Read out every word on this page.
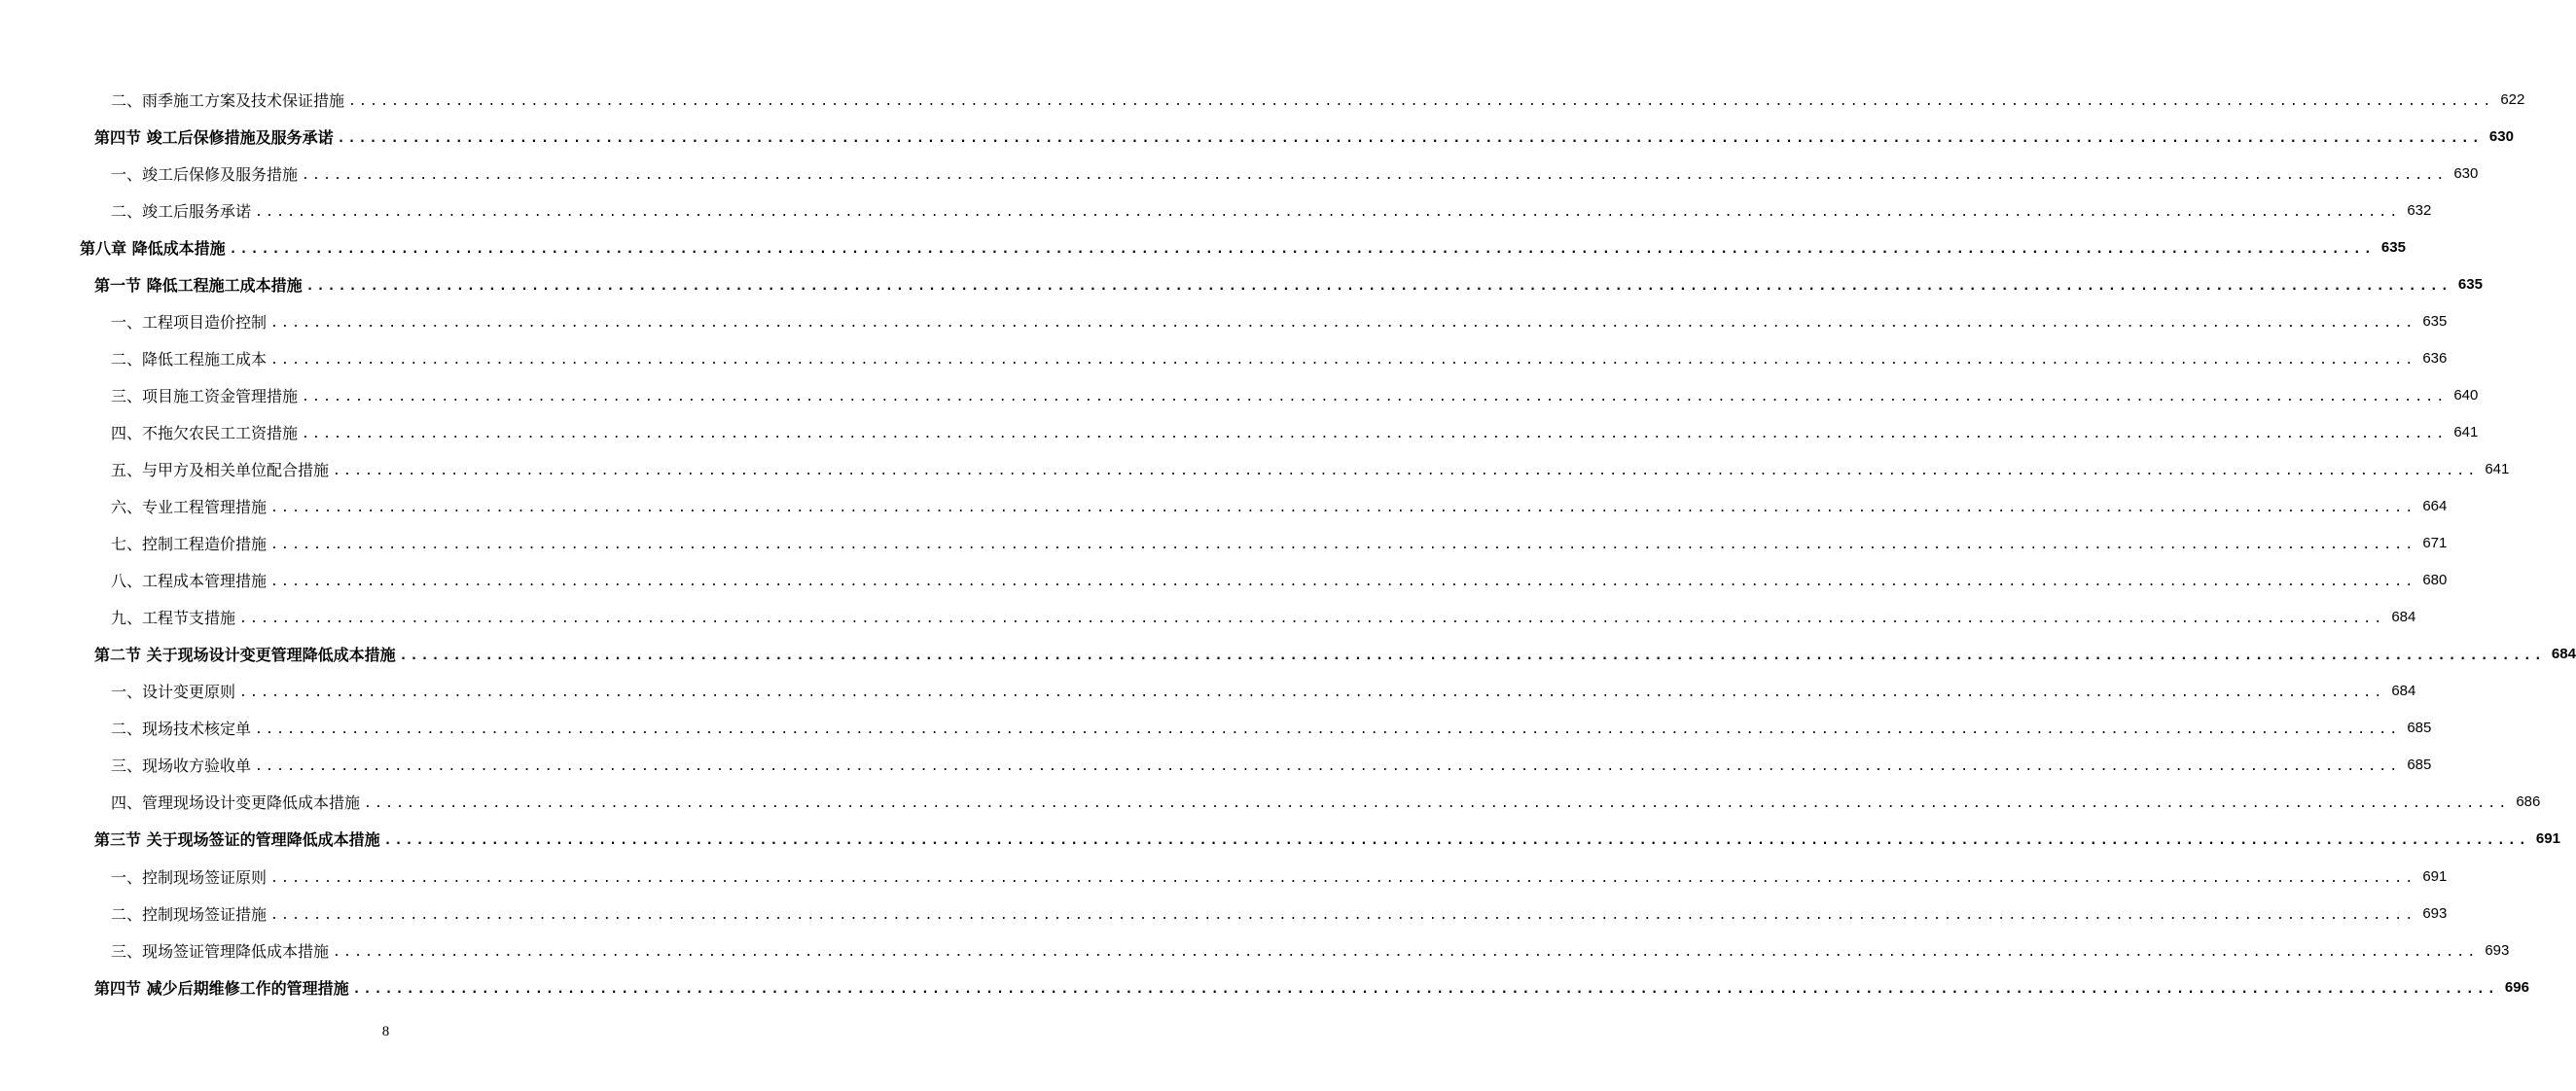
二、雨季施工方案及技术保证措施 ........................................................................................................................................................................................................ 622
第四节 竣工后保修措施及服务承诺 ........................................................................................................................................................................................................ 630
一、竣工后保修及服务措施 ........................................................................................................................................................................................................ 630
二、竣工后服务承诺 ........................................................................................................................................................................................................ 632
第八章 降低成本措施 ........................................................................................................................................................................................................ 635
第一节 降低工程施工成本措施 ........................................................................................................................................................................................................ 635
一、工程项目造价控制 ........................................................................................................................................................................................................ 635
二、降低工程施工成本 ........................................................................................................................................................................................................ 636
三、项目施工资金管理措施 ........................................................................................................................................................................................................ 640
四、不拖欠农民工工资措施 ........................................................................................................................................................................................................ 641
五、与甲方及相关单位配合措施 ........................................................................................................................................................................................................ 641
六、专业工程管理措施 ........................................................................................................................................................................................................ 664
七、控制工程造价措施 ........................................................................................................................................................................................................ 671
八、工程成本管理措施 ........................................................................................................................................................................................................ 680
九、工程节支措施 ........................................................................................................................................................................................................ 684
第二节 关于现场设计变更管理降低成本措施 ........................................................................................................................................................................................................ 684
一、设计变更原则 ........................................................................................................................................................................................................ 684
二、现场技术核定单 ........................................................................................................................................................................................................ 685
三、现场收方验收单 ........................................................................................................................................................................................................ 685
四、管理现场设计变更降低成本措施 ........................................................................................................................................................................................................ 686
第三节 关于现场签证的管理降低成本措施 ........................................................................................................................................................................................................ 691
一、控制现场签证原则 ........................................................................................................................................................................................................ 691
二、控制现场签证措施 ........................................................................................................................................................................................................ 693
三、现场签证管理降低成本措施 ........................................................................................................................................................................................................ 693
第四节 减少后期维修工作的管理措施 ........................................................................................................................................................................................................ 696
8
